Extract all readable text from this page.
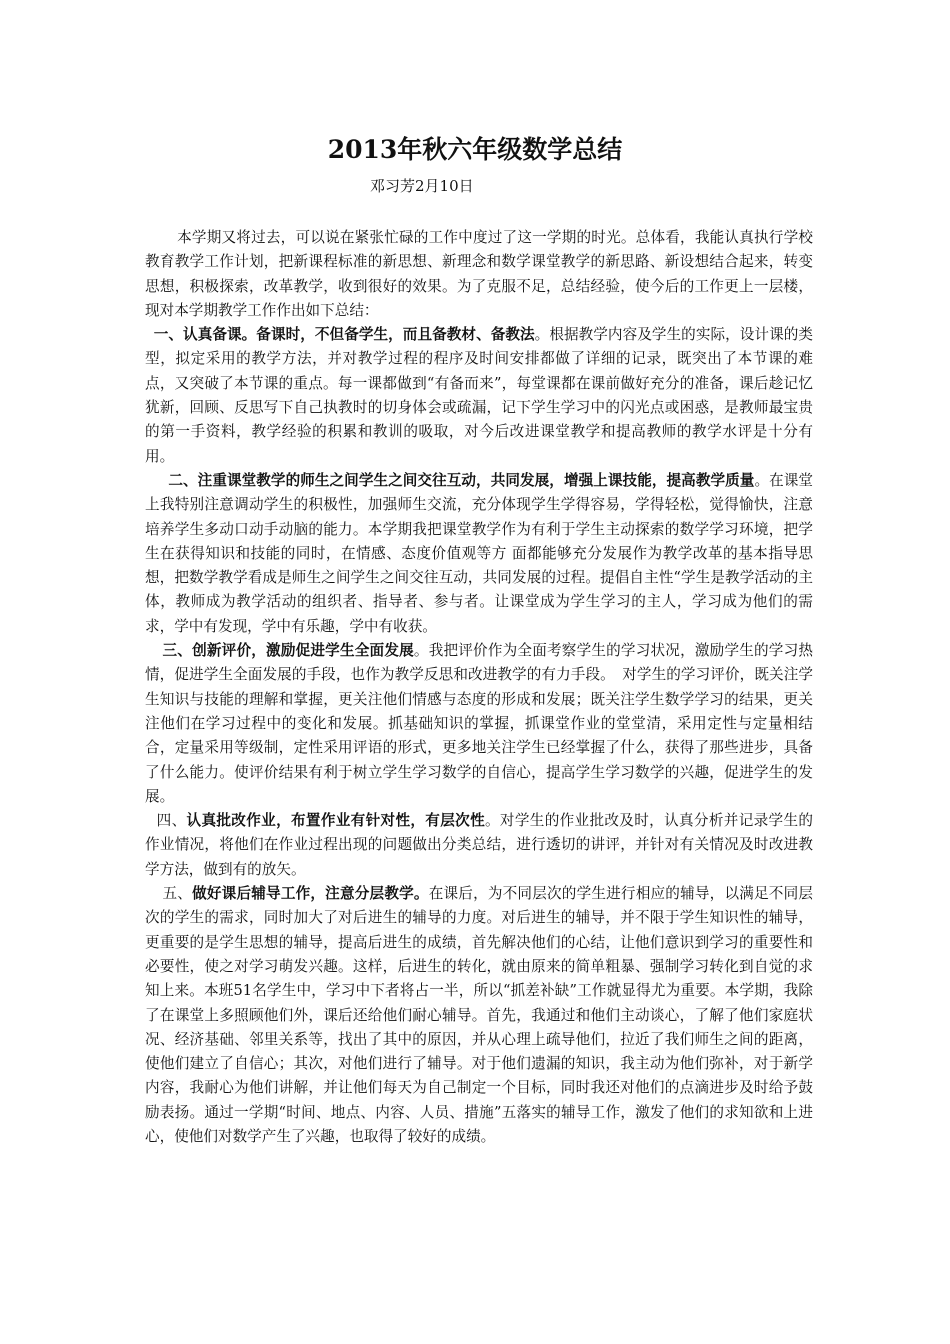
2013年秋六年级数学总结
邓习芳2月10日

本学期又将过去，可以说在紧张忙碌的工作中度过了这一学期的时光。总体看，我能认真执行学校教育教学工作计划，把新课程标准的新思想、新理念和数学课堂教学的新思路、新设想结合起来，转变思想，积极探索，改革教学，收到很好的效果。为了克服不足，总结经验，使今后的工作更上一层楼，现对本学期教学工作作出如下总结：

一、认真备课。备课时，不但备学生，而且备教材、备教法。根据教学内容及学生的实际，设计课的类型，拟定采用的教学方法，并对教学过程的程序及时间安排都做了详细的记录，既突出了本节课的难点，又突破了本节课的重点。每一课都做到“有备而来”，每堂课都在课前做好充分的准备，课后趁记忆犹新，回顾、反思写下自己执教时的切身体会或疏漏，记下学生学习中的闪光点或困惑，是教师最宝贵的第一手资料，教学经验的积累和教训的吸取，对今后改进课堂教学和提高教师的教学水评是十分有用。

二、注重课堂教学的师生之间学生之间交往互动，共同发展，增强上课技能，提高教学质量。在课堂上我特别注意调动学生的积极性，加强师生交流，充分体现学生学得容易，学得轻松，觉得愉快，注意培养学生多动口动手动脑的能力。本学期我把课堂教学作为有利于学生主动探索的数学学习环境，把学生在获得知识和技能的同时，在情感、态度价值观等方 面都能够充分发展作为教学改革的基本指导思想，把数学教学看成是师生之间学生之间交往互动，共同发展的过程。提倡自主性“学生是教学活动的主体，教师成为教学活动的组织者、指导者、参与者。让课堂成为学生学习的主人，学习成为他们的需求，学中有发现，学中有乐趣，学中有收获。

三、创新评价，激励促进学生全面发展。我把评价作为全面考察学生的学习状况，激励学生的学习热情，促进学生全面发展的手段，也作为教学反思和改进教学的有力手段。　对学生的学习评价，既关注学生知识与技能的理解和掌握，更关注他们情感与态度的形成和发展；既关注学生数学学习的结果，更关注他们在学习过程中的变化和发展。抓基础知识的掌握，抓课堂作业的堂堂清，采用定性与定量相结合，定量采用等级制，定性采用评语的形式，更多地关注学生已经掌握了什么，获得了那些进步，具备了什么能力。使评价结果有利于树立学生学习数学的自信心，提高学生学习数学的兴趣，促进学生的发展。

四、认真批改作业，布置作业有针对性，有层次性。对学生的作业批改及时，认真分析并记录学生的作业情况，将他们在作业过程出现的问题做出分类总结，进行透切的讲评，并针对有关情况及时改进教学方法，做到有的放矢。

五、做好课后辅导工作，注意分层教学。在课后，为不同层次的学生进行相应的辅导，以满足不同层次的学生的需求，同时加大了对后进生的辅导的力度。对后进生的辅导，并不限于学生知识性的辅导，更重要的是学生思想的辅导，提高后进生的成绩，首先解决他们的心结，让他们意识到学习的重要性和必要性，使之对学习萌发兴趣。这样，后进生的转化，就由原来的简单粗暴、强制学习转化到自觉的求知上来。本班51名学生中，学习中下者将占一半，所以“抓差补缺”工作就显得尤为重要。本学期，我除了在课堂上多照顾他们外，课后还给他们耐心辅导。首先，我通过和他们主动谈心，了解了他们家庭状况、经济基础、邻里关系等，找出了其中的原因，并从心理上疏导他们，拉近了我们师生之间的距离，使他们建立了自信心；其次，对他们进行了辅导。对于他们遗漏的知识，我主动为他们弥补，对于新学内容，我耐心为他们讲解，并让他们每天为自己制定一个目标，同时我还对他们的点滴进步及时给予鼓励表扬。通过一学期“时间、地点、内容、人员、措施”五落实的辅导工作，激发了他们的求知欲和上进心，使他们对数学产生了兴趣，也取得了较好的成绩。
